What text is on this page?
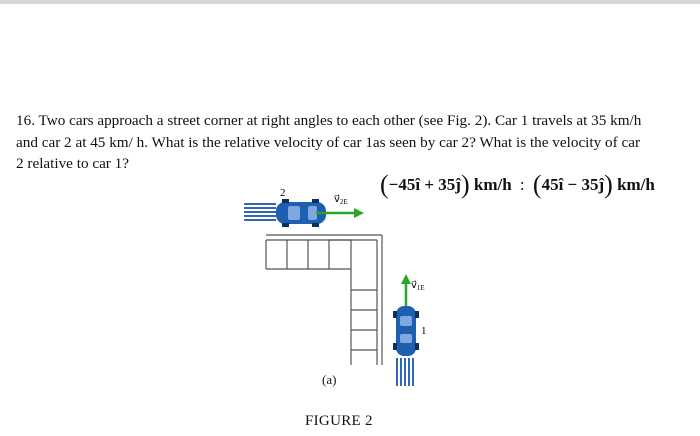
16. Two cars approach a street corner at right angles to each other (see Fig. 2). Car 1 travels at 35 km/h
and car 2 at 45 km/ h. What is the relative velocity of car 1as seen by car 2? What is the velocity of car
2 relative to car 1?
(−45î + 35ĵ) km/h : (45î − 35ĵ) km/h
2
$v⃗_{2E}$
$v⃗_{1E}$
1
(a)
FIGURE 2
